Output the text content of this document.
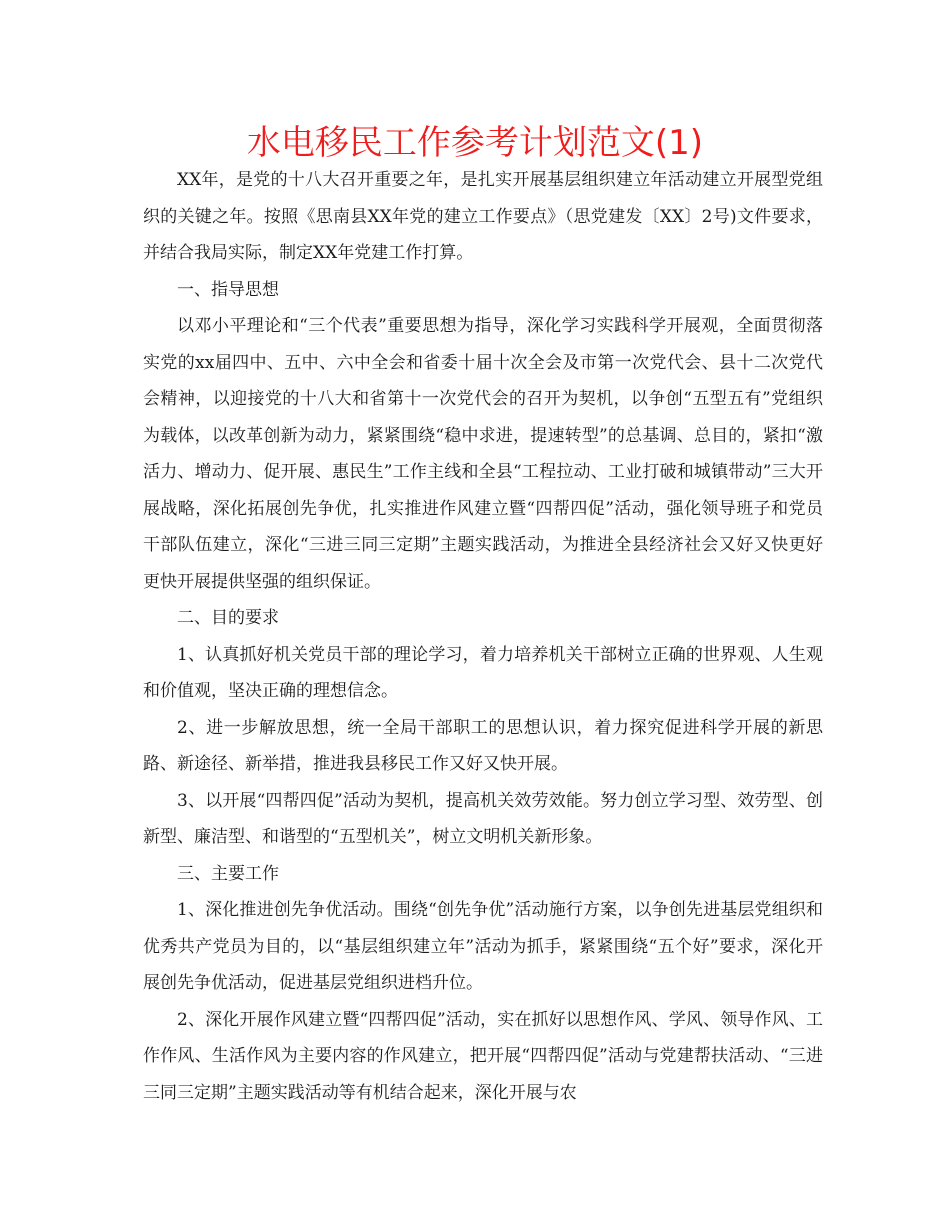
水电移民工作参考计划范文(1)

XX年，是党的十八大召开重要之年，是扎实开展基层组织建立年活动建立开展型党组织的关键之年。按照《思南县XX年党的建立工作要点》（思党建发〔XX〕2号)文件要求，并结合我局实际，制定XX年党建工作打算。

一、指导思想

以邓小平理论和“三个代表”重要思想为指导，深化学习实践科学开展观，全面贯彻落实党的xx届四中、五中、六中全会和省委十届十次全会及市第一次党代会、县十二次党代会精神，以迎接党的十八大和省第十一次党代会的召开为契机，以争创“五型五有”党组织为载体，以改革创新为动力，紧紧围绕“稳中求进，提速转型”的总基调、总目的，紧扣“激活力、增动力、促开展、惠民生”工作主线和全县“工程拉动、工业打破和城镇带动”三大开展战略，深化拓展创先争优，扎实推进作风建立暨“四帮四促”活动，强化领导班子和党员干部队伍建立，深化“三进三同三定期”主题实践活动，为推进全县经济社会又好又快更好更快开展提供坚强的组织保证。

二、目的要求

1、认真抓好机关党员干部的理论学习，着力培养机关干部树立正确的世界观、人生观和价值观，坚决正确的理想信念。

2、进一步解放思想，统一全局干部职工的思想认识，着力探究促进科学开展的新思路、新途径、新举措，推进我县移民工作又好又快开展。

3、以开展“四帮四促”活动为契机，提高机关效劳效能。努力创立学习型、效劳型、创新型、廉洁型、和谐型的“五型机关”，树立文明机关新形象。

三、主要工作

1、深化推进创先争优活动。围绕“创先争优”活动施行方案，以争创先进基层党组织和优秀共产党员为目的，以“基层组织建立年”活动为抓手，紧紧围绕“五个好”要求，深化开展创先争优活动，促进基层党组织进档升位。

2、深化开展作风建立暨“四帮四促”活动，实在抓好以思想作风、学风、领导作风、工作作风、生活作风为主要内容的作风建立，把开展“四帮四促”活动与党建帮扶活动、“三进三同三定期”主题实践活动等有机结合起来，深化开展与农
